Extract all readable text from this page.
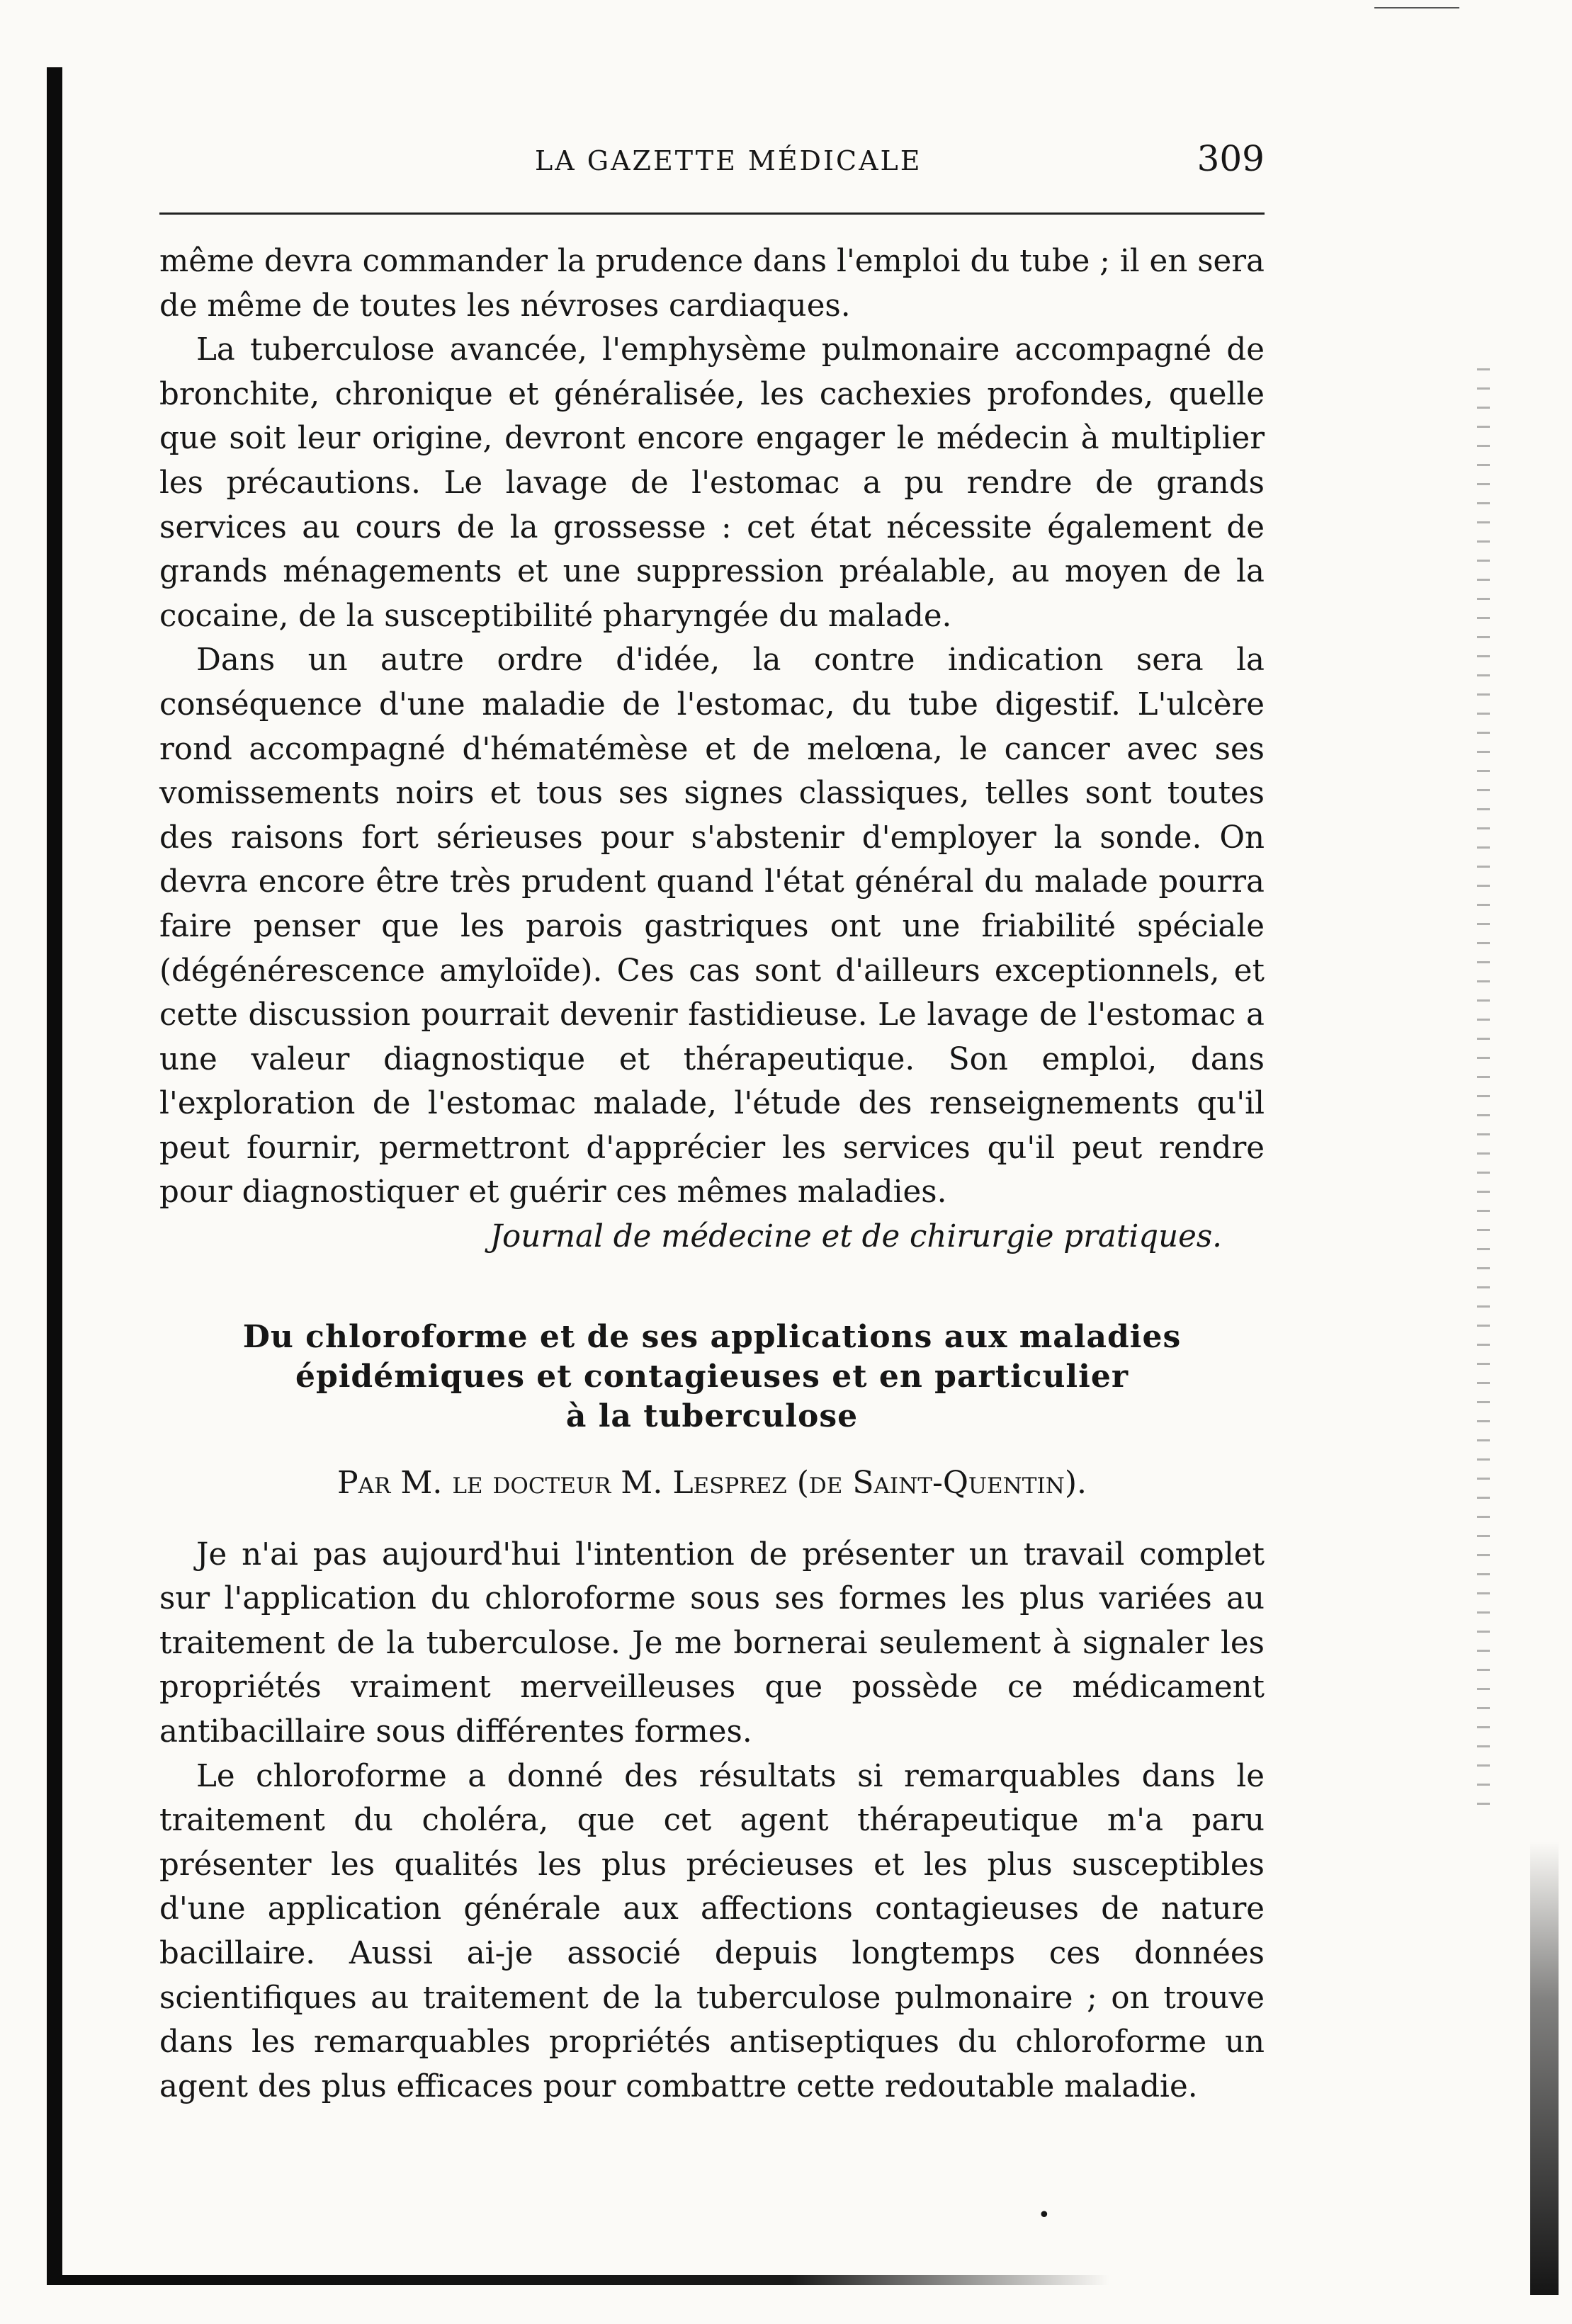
LA GAZETTE MÉDICALE	309

même devra commander la prudence dans l'emploi du tube ; il en sera de même de toutes les névroses cardiaques.

La tuberculose avancée, l'emphysème pulmonaire accompagné de bronchite, chronique et généralisée, les cachexies profondes, quelle que soit leur origine, devront encore engager le médecin à multiplier les précautions. Le lavage de l'estomac a pu rendre de grands services au cours de la grossesse : cet état nécessite également de grands ménagements et une suppression préalable, au moyen de la cocaine, de la susceptibilité pharyngée du malade.

Dans un autre ordre d'idée, la contre indication sera la conséquence d'une maladie de l'estomac, du tube digestif. L'ulcère rond accompagné d'hématémèse et de melœna, le cancer avec ses vomissements noirs et tous ses signes classiques, telles sont toutes des raisons fort sérieuses pour s'abstenir d'employer la sonde. On devra encore être très prudent quand l'état général du malade pourra faire penser que les parois gastriques ont une friabilité spéciale (dégénérescence amyloïde). Ces cas sont d'ailleurs exceptionnels, et cette discussion pourrait devenir fastidieuse. Le lavage de l'estomac a une valeur diagnostique et thérapeutique. Son emploi, dans l'exploration de l'estomac malade, l'étude des renseignements qu'il peut fournir, permettront d'apprécier les services qu'il peut rendre pour diagnostiquer et guérir ces mêmes maladies.

Journal de médecine et de chirurgie pratiques.
Du chloroforme et de ses applications aux maladies
épidémiques et contagieuses et en particulier
à la tuberculose
Par M. le docteur M. Lesprez (de Saint-Quentin).

Je n'ai pas aujourd'hui l'intention de présenter un travail complet sur l'application du chloroforme sous ses formes les plus variées au traitement de la tuberculose. Je me bornerai seulement à signaler les propriétés vraiment merveilleuses que possède ce médicament antibacillaire sous différentes formes.

Le chloroforme a donné des résultats si remarquables dans le traitement du choléra, que cet agent thérapeutique m'a paru présenter les qualités les plus précieuses et les plus susceptibles d'une application générale aux affections contagieuses de nature bacillaire. Aussi ai-je associé depuis longtemps ces données scientifiques au traitement de la tuberculose pulmonaire ; on trouve dans les remarquables propriétés antiseptiques du chloroforme un agent des plus efficaces pour combattre cette redoutable maladie.

•
